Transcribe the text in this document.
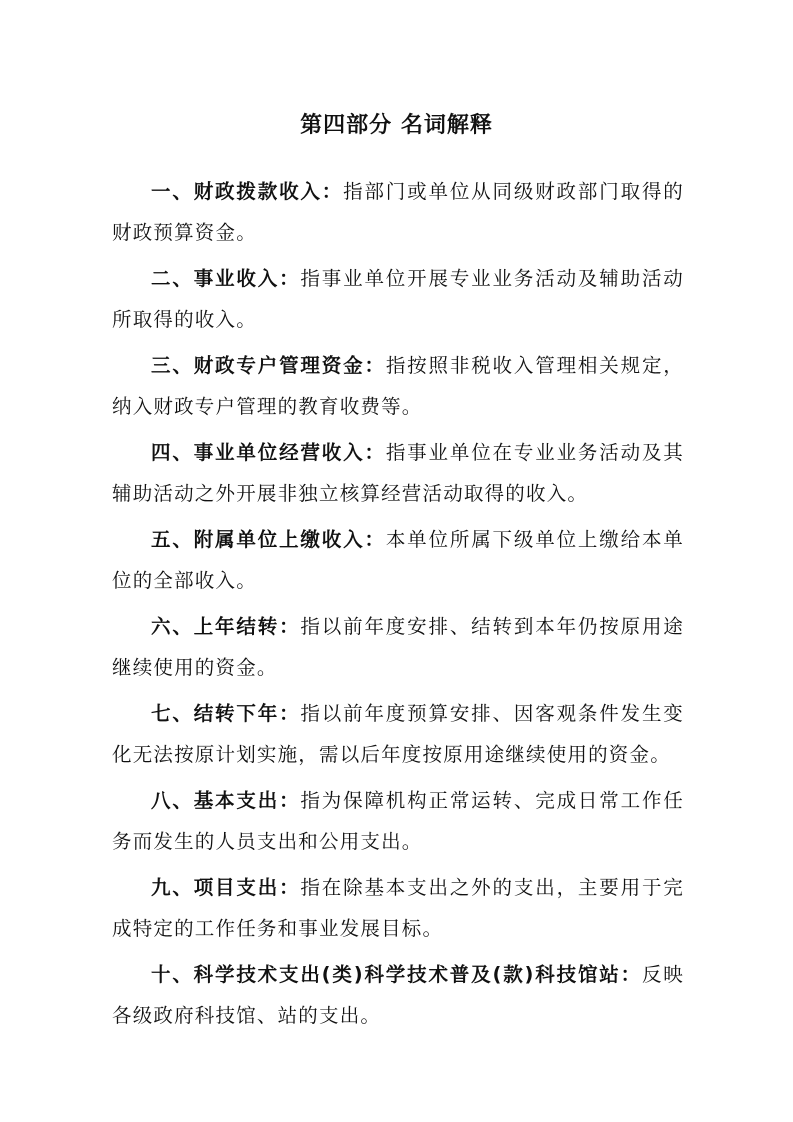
第四部分 名词解释

一、财政拨款收入：指部门或单位从同级财政部门取得的财政预算资金。

二、事业收入：指事业单位开展专业业务活动及辅助活动所取得的收入。

三、财政专户管理资金：指按照非税收入管理相关规定，纳入财政专户管理的教育收费等。

四、事业单位经营收入：指事业单位在专业业务活动及其辅助活动之外开展非独立核算经营活动取得的收入。

五、附属单位上缴收入：本单位所属下级单位上缴给本单位的全部收入。

六、上年结转：指以前年度安排、结转到本年仍按原用途继续使用的资金。

七、结转下年：指以前年度预算安排、因客观条件发生变化无法按原计划实施，需以后年度按原用途继续使用的资金。

八、基本支出：指为保障机构正常运转、完成日常工作任务而发生的人员支出和公用支出。

九、项目支出：指在除基本支出之外的支出，主要用于完成特定的工作任务和事业发展目标。

十、科学技术支出(类)科学技术普及(款)科技馆站：反映各级政府科技馆、站的支出。
